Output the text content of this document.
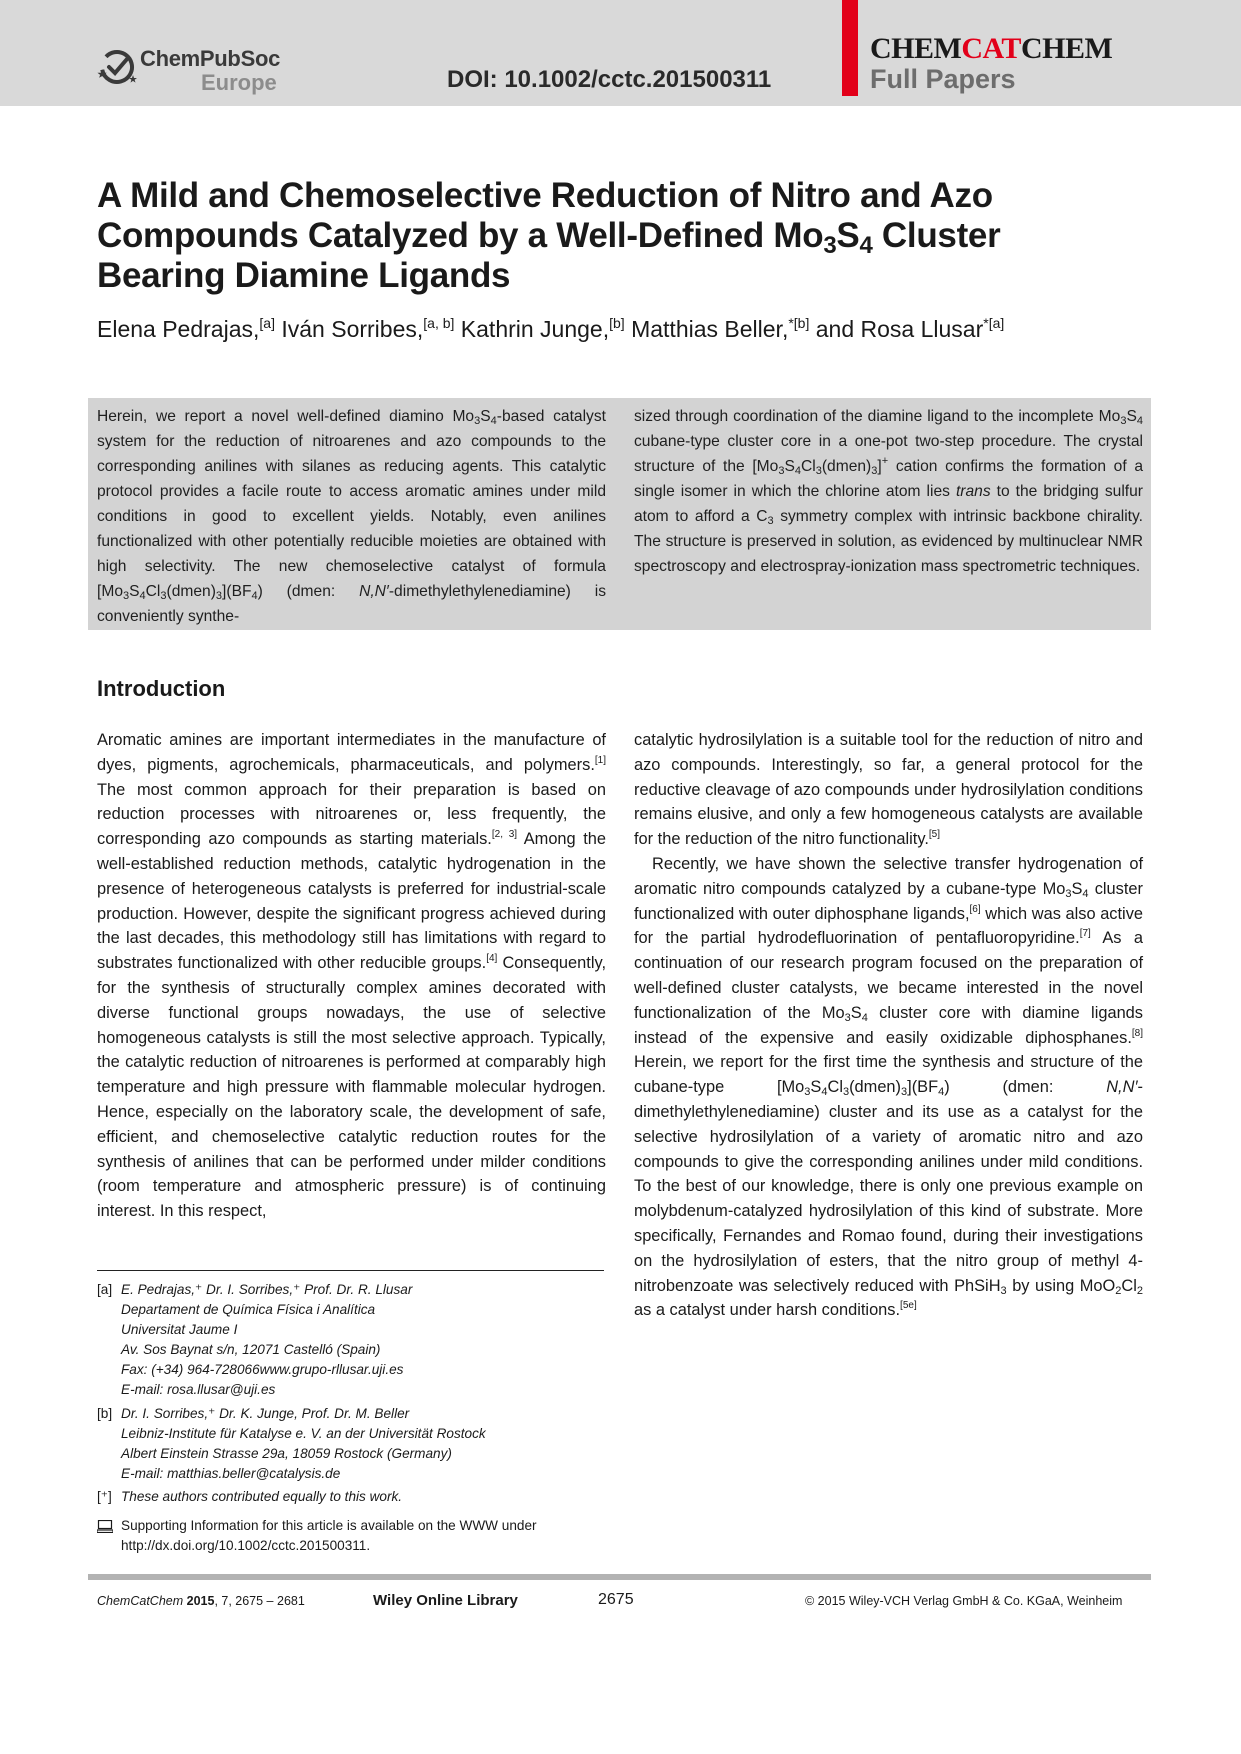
ChemPubSoc
Europe	DOI: 10.1002/cctc.201500311
CHEMCATCHEM
Full Papers
A Mild and Chemoselective Reduction of Nitro and Azo
Compounds Catalyzed by a Well-Defined $Mo_3S_4$ Cluster
Bearing Diamine Ligands
Elena Pedrajas,[a] Iván Sorribes,[a, b] Kathrin Junge,[b] Matthias Beller,$^{*[b]}$ and Rosa Llusar$^{*[a]}$

Herein, we report a novel well-defined diamino $Mo_3S_4$-based catalyst system for the reduction of nitroarenes and azo compounds to the corresponding anilines with silanes as reducing agents. This catalytic protocol provides a facile route to access aromatic amines under mild conditions in good to excellent yields. Notably, even anilines functionalized with other potentially reducible moieties are obtained with high selectivity. The new chemoselective catalyst of formula $[Mo_3S_4Cl_3(dmen)_3](BF_4)$ (dmen: N,N′-dimethylethylenediamine) is conveniently synthe-

sized through coordination of the diamine ligand to the incomplete $Mo_3S_4$ cubane-type cluster core in a one-pot two-step procedure. The crystal structure of the $[Mo_3S_4Cl_3(dmen)_3]^+$ cation confirms the formation of a single isomer in which the chlorine atom lies trans to the bridging sulfur atom to afford a $C_3$ symmetry complex with intrinsic backbone chirality. The structure is preserved in solution, as evidenced by multinuclear NMR spectroscopy and electrospray-ionization mass spectrometric techniques.

Introduction

Aromatic amines are important intermediates in the manufacture of dyes, pigments, agrochemicals, pharmaceuticals, and polymers.[1] The most common approach for their preparation is based on reduction processes with nitroarenes or, less frequently, the corresponding azo compounds as starting materials.[2, 3] Among the well-established reduction methods, catalytic hydrogenation in the presence of heterogeneous catalysts is preferred for industrial-scale production. However, despite the significant progress achieved during the last decades, this methodology still has limitations with regard to substrates functionalized with other reducible groups.[4] Consequently, for the synthesis of structurally complex amines decorated with diverse functional groups nowadays, the use of selective homogeneous catalysts is still the most selective approach. Typically, the catalytic reduction of nitroarenes is performed at comparably high temperature and high pressure with flammable molecular hydrogen. Hence, especially on the laboratory scale, the development of safe, efficient, and chemoselective catalytic reduction routes for the synthesis of anilines that can be performed under milder conditions (room temperature and atmospheric pressure) is of continuing interest. In this respect,

catalytic hydrosilylation is a suitable tool for the reduction of nitro and azo compounds. Interestingly, so far, a general protocol for the reductive cleavage of azo compounds under hydrosilylation conditions remains elusive, and only a few homogeneous catalysts are available for the reduction of the nitro functionality.[5]

Recently, we have shown the selective transfer hydrogenation of aromatic nitro compounds catalyzed by a cubane-type $Mo_3S_4$ cluster functionalized with outer diphosphane ligands,[6] which was also active for the partial hydrodefluorination of pentafluoropyridine.[7] As a continuation of our research program focused on the preparation of well-defined cluster catalysts, we became interested in the novel functionalization of the $Mo_3S_4$ cluster core with diamine ligands instead of the expensive and easily oxidizable diphosphanes.[8] Herein, we report for the first time the synthesis and structure of the cubane-type $[Mo_3S_4Cl_3(dmen)_3](BF_4)$ (dmen: N,N′-dimethylethylenediamine) cluster and its use as a catalyst for the selective hydrosilylation of a variety of aromatic nitro and azo compounds to give the corresponding anilines under mild conditions. To the best of our knowledge, there is only one previous example on molybdenum-catalyzed hydrosilylation of this kind of substrate. More specifically, Fernandes and Romao found, during their investigations on the hydrosilylation of esters, that the nitro group of methyl 4-nitrobenzoate was selectively reduced with PhSiH$_3$ by using $MoO_2Cl_2$ as a catalyst under harsh conditions.[5e]

[a] E. Pedrajas,⁺ Dr. I. Sorribes,⁺ Prof. Dr. R. Llusar
Departament de Química Física i Analítica
Universitat Jaume I
Av. Sos Baynat s/n, 12071 Castelló (Spain)
Fax: (+34) 964-728066www.grupo-rllusar.uji.es
E-mail: rosa.llusar@uji.es
[b] Dr. I. Sorribes,⁺ Dr. K. Junge, Prof. Dr. M. Beller
Leibniz-Institute für Katalyse e. V. an der Universität Rostock
Albert Einstein Strasse 29a, 18059 Rostock (Germany)
E-mail: matthias.beller@catalysis.de
[⁺] These authors contributed equally to this work.
Supporting Information for this article is available on the WWW under
http://dx.doi.org/10.1002/cctc.201500311.
ChemCatChem 2015, 7, 2675 – 2681	Wiley Online Library	2675	© 2015 Wiley-VCH Verlag GmbH & Co. KGaA, Weinheim
